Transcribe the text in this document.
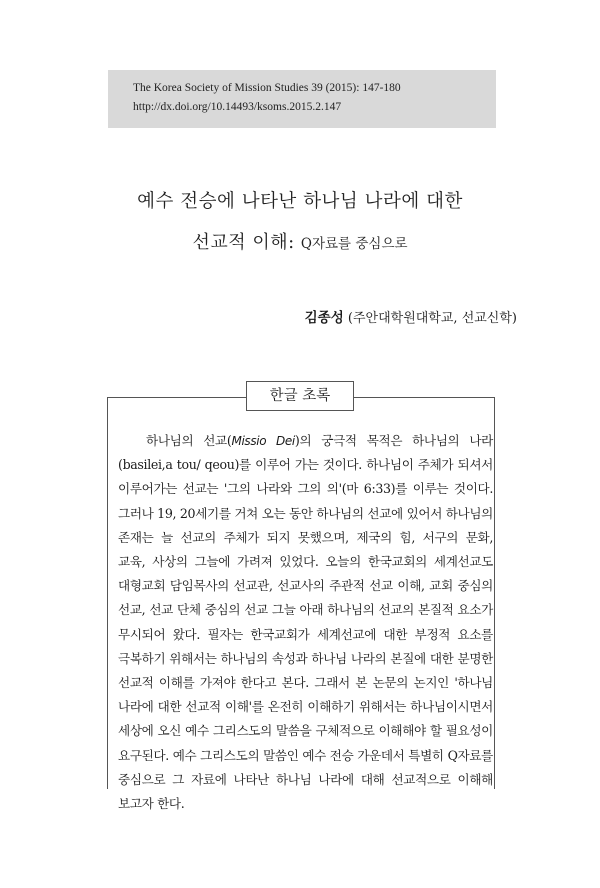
The Korea Society of Mission Studies 39 (2015): 147-180
http://dx.doi.org/10.14493/ksoms.2015.2.147
예수 전승에 나타난 하나님 나라에 대한
선교적 이해: Q자료를 중심으로
김종성 (주안대학원대학교, 선교신학)
한글 초록
하나님의 선교(Missio Dei)의 궁극적 목적은 하나님의 나라
(basilei,a tou/ qeou)를 이루어 가는 것이다. 하나님이 주체가 되셔서
이루어가는 선교는 '그의 나라와 그의 의'(마 6:33)를 이루는 것이다.
그러나 19, 20세기를 거쳐 오는 동안 하나님의 선교에 있어서 하나님의
존재는 늘 선교의 주체가 되지 못했으며, 제국의 힘, 서구의 문화,
교육, 사상의 그늘에 가려져 있었다. 오늘의 한국교회의 세계선교도
대형교회 담임목사의 선교관, 선교사의 주관적 선교 이해, 교회 중심의
선교, 선교 단체 중심의 선교 그늘 아래 하나님의 선교의 본질적 요소가
무시되어 왔다. 필자는 한국교회가 세계선교에 대한 부정적 요소를
극복하기 위해서는 하나님의 속성과 하나님 나라의 본질에 대한 분명한
선교적 이해를 가져야 한다고 본다. 그래서 본 논문의 논지인 '하나님
나라에 대한 선교적 이해'를 온전히 이해하기 위해서는 하나님이시면서
세상에 오신 예수 그리스도의 말씀을 구체적으로 이해해야 할 필요성이
요구된다. 예수 그리스도의 말씀인 예수 전승 가운데서 특별히 Q자료를
중심으로 그 자료에 나타난 하나님 나라에 대해 선교적으로 이해해
보고자 한다.
